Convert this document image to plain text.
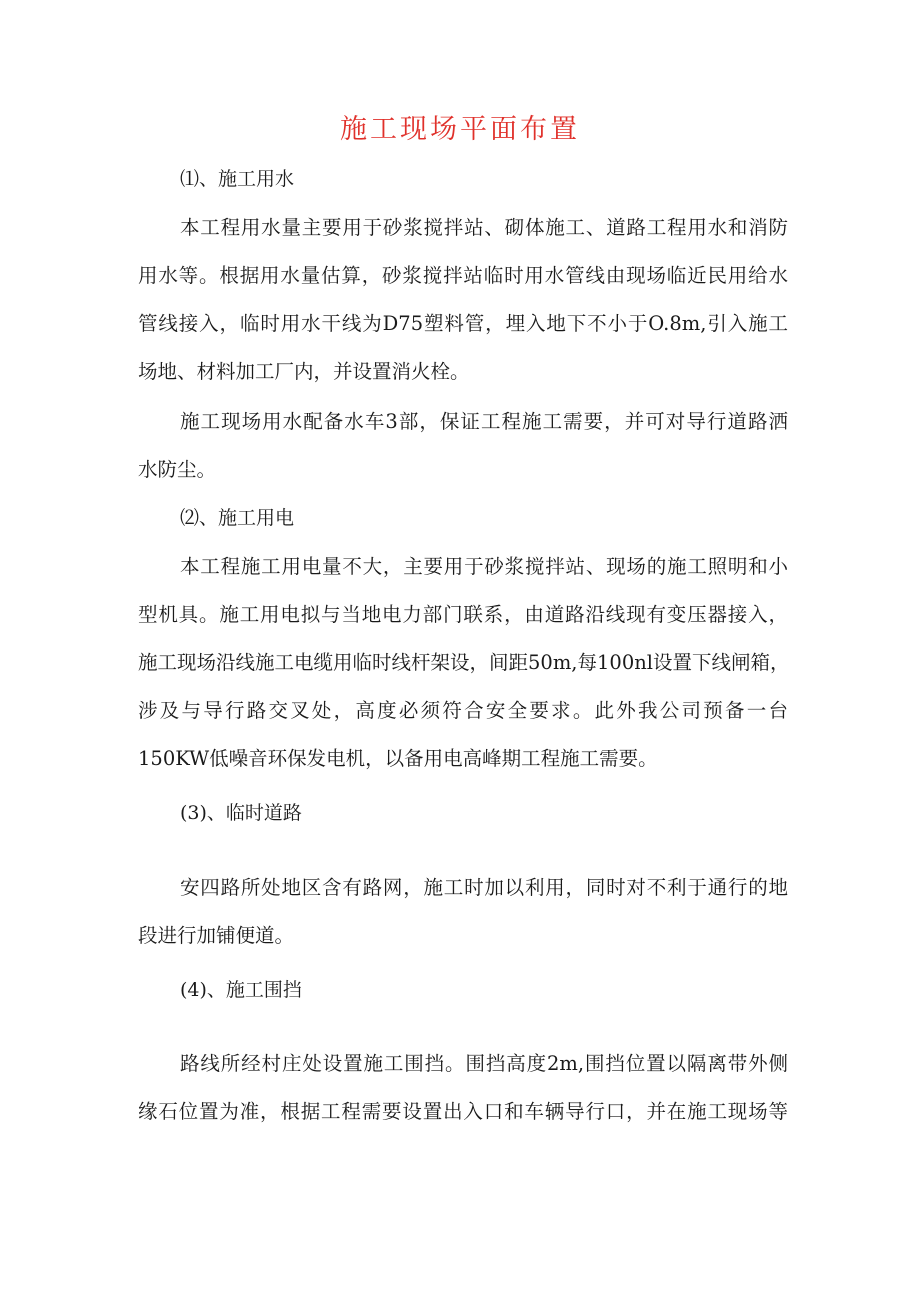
施工现场平面布置
⑴、施工用水
本工程用水量主要用于砂浆搅拌站、砌体施工、道路工程用水和消防
用水等。根据用水量估算，砂浆搅拌站临时用水管线由现场临近民用给水
管线接入，临时用水干线为D75塑料管，埋入地下不小于O.8m,引入施工
场地、材料加工厂内，并设置消火栓。
施工现场用水配备水车3部，保证工程施工需要，并可对导行道路洒
水防尘。
⑵、施工用电
本工程施工用电量不大，主要用于砂浆搅拌站、现场的施工照明和小
型机具。施工用电拟与当地电力部门联系，由道路沿线现有变压器接入，
施工现场沿线施工电缆用临时线杆架设，间距50m,每100nl设置下线闸箱，
涉及与导行路交叉处，高度必须符合安全要求。此外我公司预备一台
150KW低噪音环保发电机，以备用电高峰期工程施工需要。
(3)、临时道路
安四路所处地区含有路网，施工时加以利用，同时对不利于通行的地
段进行加铺便道。
(4)、施工围挡
路线所经村庄处设置施工围挡。围挡高度2m,围挡位置以隔离带外侧
缘石位置为准，根据工程需要设置出入口和车辆导行口，并在施工现场等
